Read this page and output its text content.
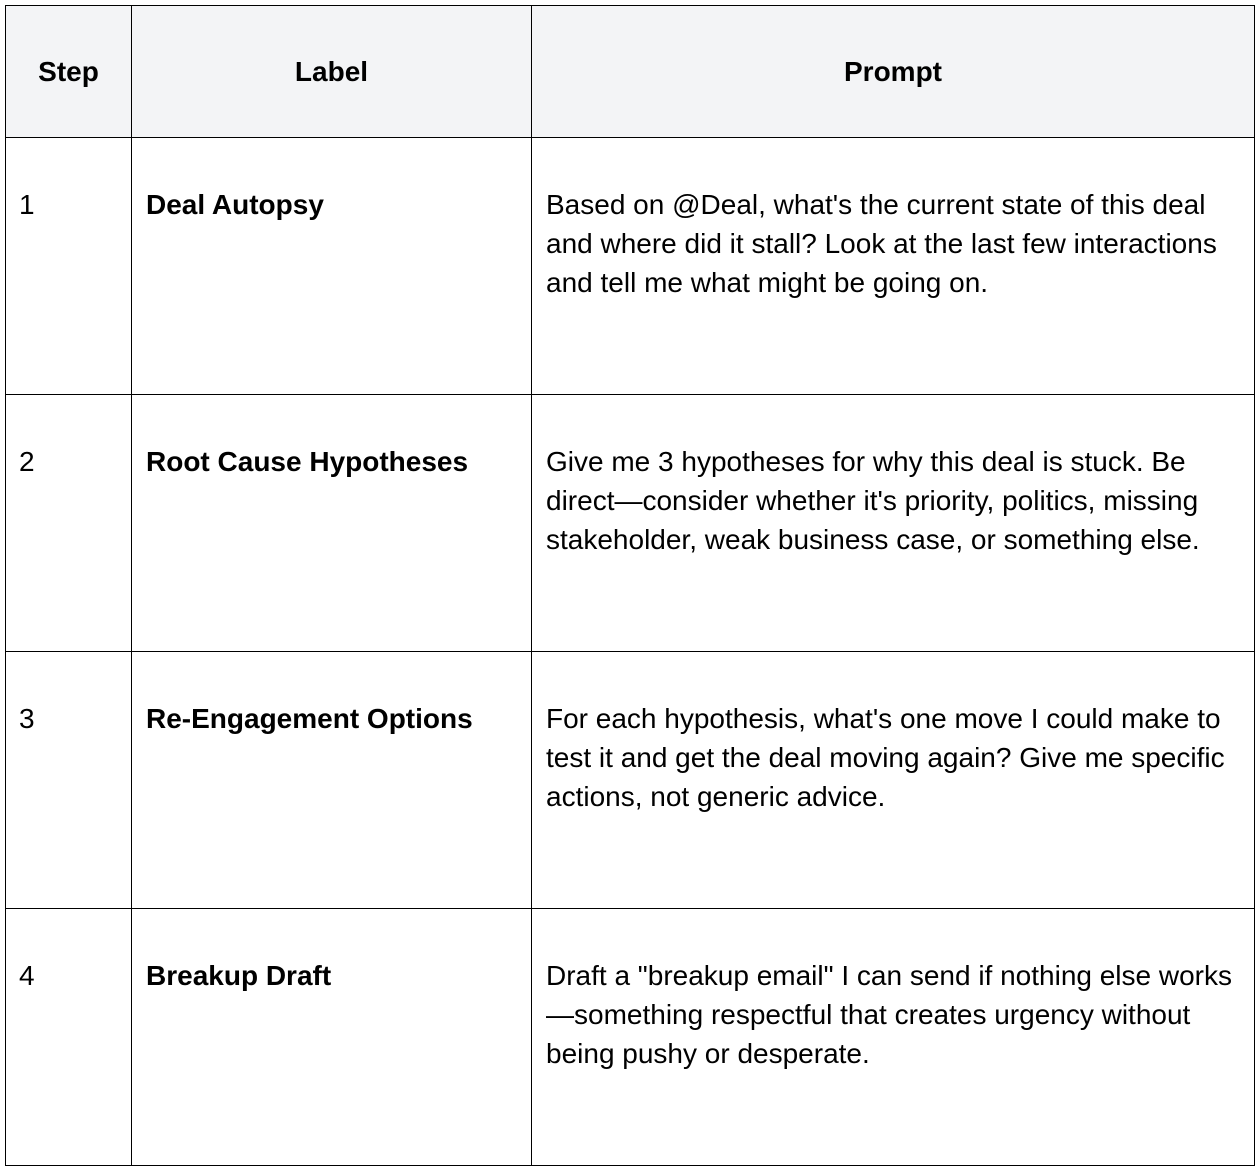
Step	Label	Prompt

1	Deal Autopsy	Based on @Deal, what's the current state of this deal and where did it stall? Look at the last few interactions and tell me what might be going on.

2	Root Cause Hypotheses	Give me 3 hypotheses for why this deal is stuck. Be direct—consider whether it's priority, politics, missing stakeholder, weak business case, or something else.

3	Re-Engagement Options	For each hypothesis, what's one move I could make to test it and get the deal moving again? Give me specific actions, not generic advice.

4	Breakup Draft	Draft a "breakup email" I can send if nothing else works—something respectful that creates urgency without being pushy or desperate.
